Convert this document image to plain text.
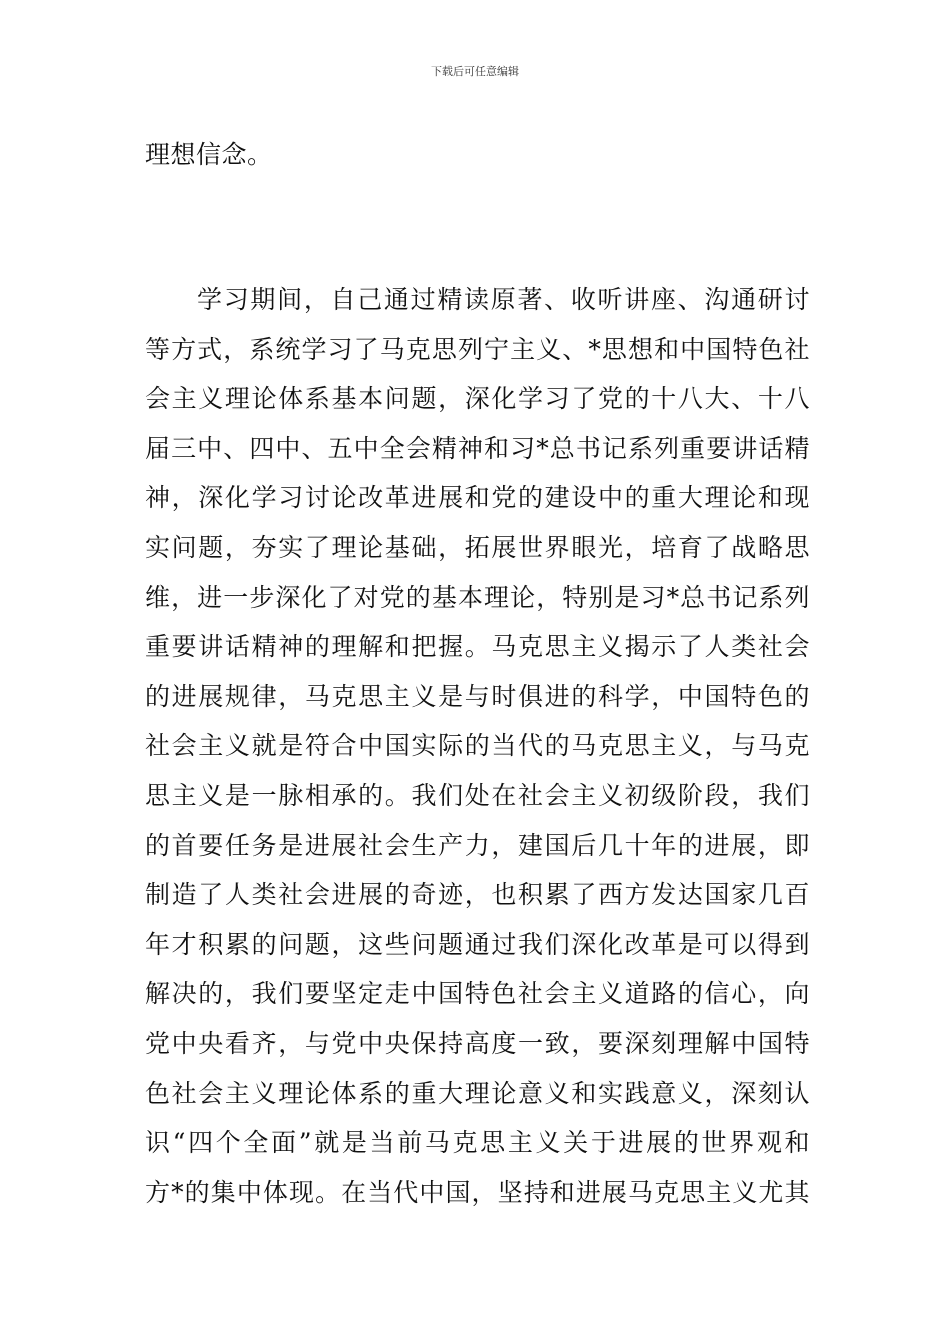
下载后可任意编辑
理想信念。
学习期间，自己通过精读原著、收听讲座、沟通研讨
等方式，系统学习了马克思列宁主义、*思想和中国特色社
会主义理论体系基本问题，深化学习了党的十八大、十八
届三中、四中、五中全会精神和习*总书记系列重要讲话精
神，深化学习讨论改革进展和党的建设中的重大理论和现
实问题，夯实了理论基础，拓展世界眼光，培育了战略思
维，进一步深化了对党的基本理论，特别是习*总书记系列
重要讲话精神的理解和把握。马克思主义揭示了人类社会
的进展规律，马克思主义是与时俱进的科学，中国特色的
社会主义就是符合中国实际的当代的马克思主义，与马克
思主义是一脉相承的。我们处在社会主义初级阶段，我们
的首要任务是进展社会生产力，建国后几十年的进展，即
制造了人类社会进展的奇迹，也积累了西方发达国家几百
年才积累的问题，这些问题通过我们深化改革是可以得到
解决的，我们要坚定走中国特色社会主义道路的信心，向
党中央看齐，与党中央保持高度一致，要深刻理解中国特
色社会主义理论体系的重大理论意义和实践意义，深刻认
识“四个全面”就是当前马克思主义关于进展的世界观和
方*的集中体现。在当代中国，坚持和进展马克思主义尤其
